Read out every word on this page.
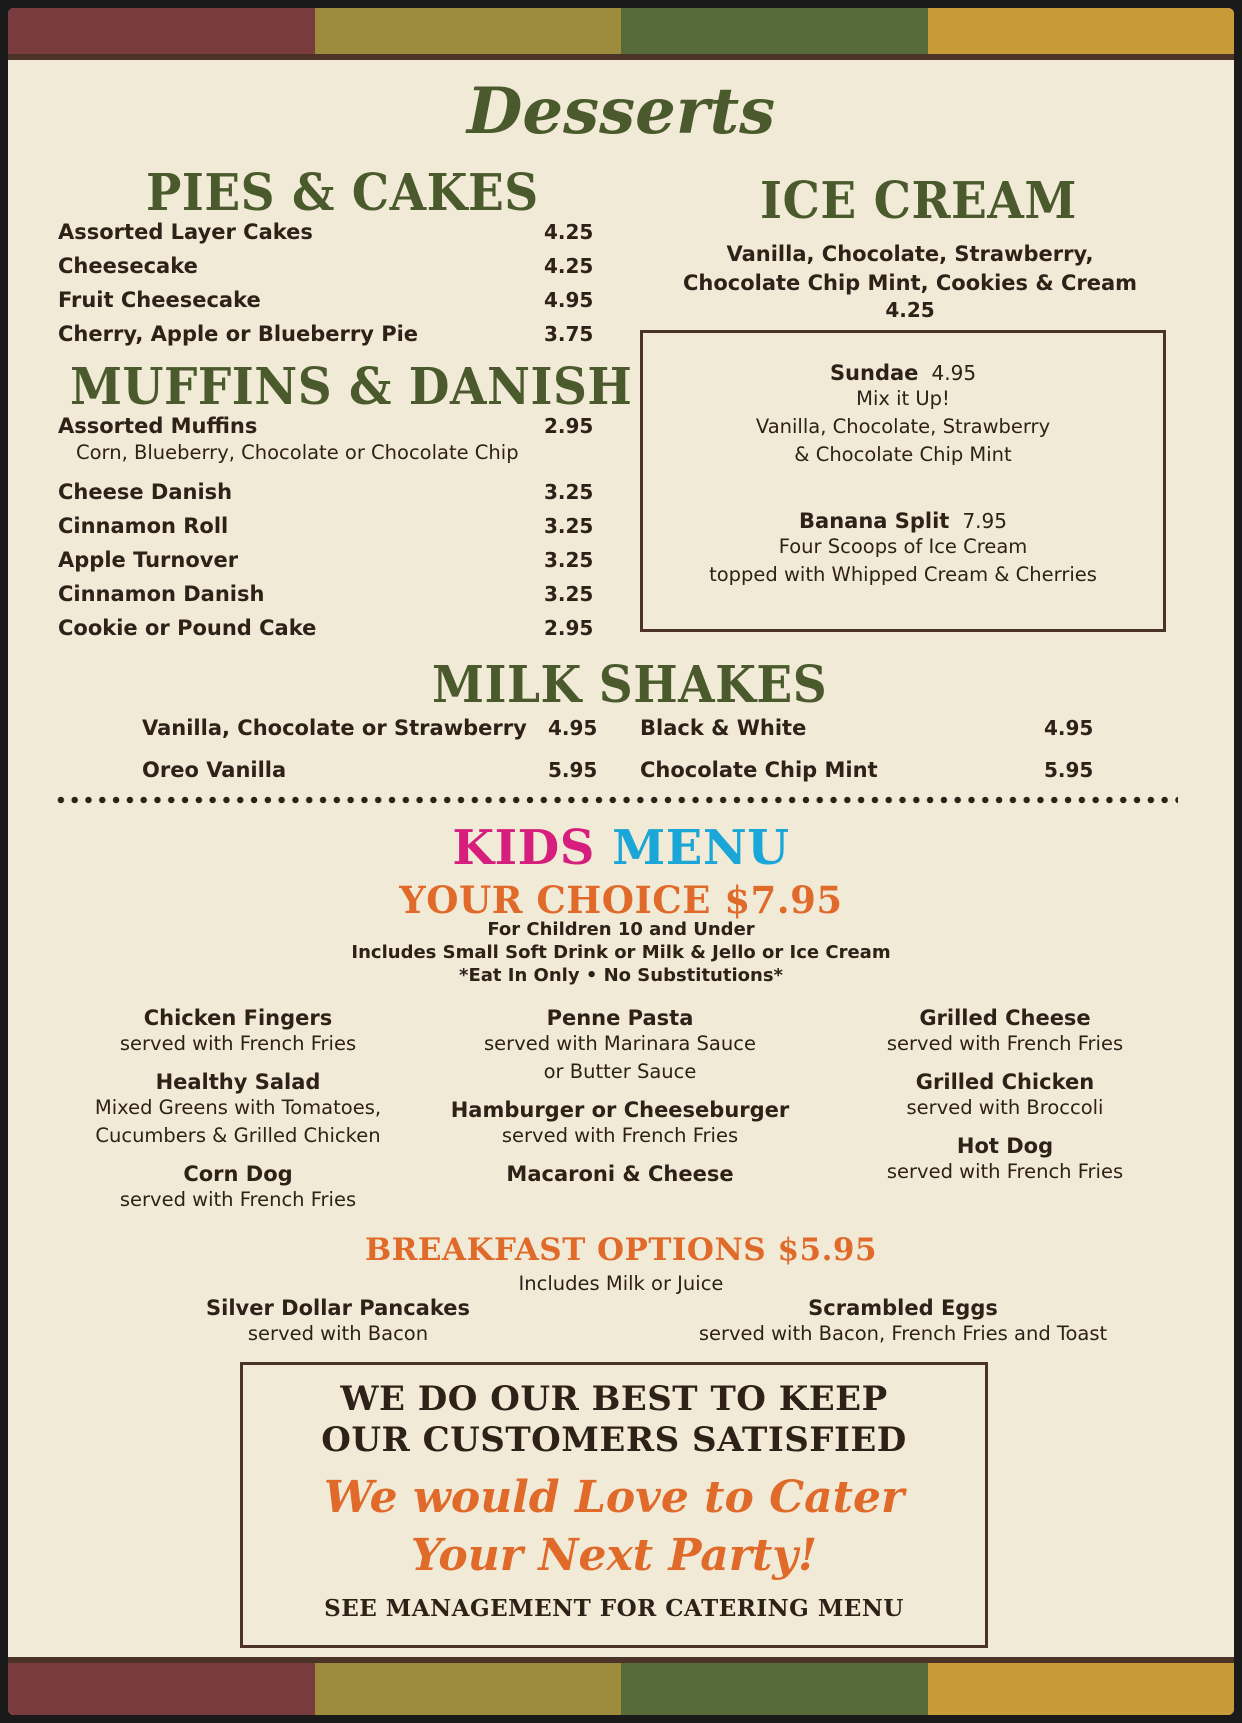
Desserts
PIES & CAKES
Assorted Layer Cakes	4.25
Cheesecake	4.25
Fruit Cheesecake	4.95
Cherry, Apple or Blueberry Pie	3.75
MUFFINS & DANISH
Assorted Muffins	2.95
Corn, Blueberry, Chocolate or Chocolate Chip
Cheese Danish	3.25
Cinnamon Roll	3.25
Apple Turnover	3.25
Cinnamon Danish	3.25
Cookie or Pound Cake	2.95
ICE CREAM
Vanilla, Chocolate, Strawberry,
Chocolate Chip Mint, Cookies & Cream
4.25
Sundae 4.95
Mix it Up!
Vanilla, Chocolate, Strawberry
& Chocolate Chip Mint
Banana Split 7.95
Four Scoops of Ice Cream
topped with Whipped Cream & Cherries
MILK SHAKES
Vanilla, Chocolate or Strawberry 4.95
Oreo Vanilla	5.95
Black & White	4.95
Chocolate Chip Mint	5.95
KIDS MENU
YOUR CHOICE $7.95
For Children 10 and Under
Includes Small Soft Drink or Milk & Jello or Ice Cream
*Eat In Only • No Substitutions*
Chicken Fingers
served with French Fries
Healthy Salad
Mixed Greens with Tomatoes,
Cucumbers & Grilled Chicken
Corn Dog
served with French Fries
Penne Pasta
served with Marinara Sauce
or Butter Sauce
Hamburger or Cheeseburger
served with French Fries
Macaroni & Cheese
Grilled Cheese
served with French Fries
Grilled Chicken
served with Broccoli
Hot Dog
served with French Fries
BREAKFAST OPTIONS $5.95
Includes Milk or Juice
Silver Dollar Pancakes
served with Bacon
Scrambled Eggs
served with Bacon, French Fries and Toast
WE DO OUR BEST TO KEEP
OUR CUSTOMERS SATISFIED
We would Love to Cater
Your Next Party!
SEE MANAGEMENT FOR CATERING MENU
